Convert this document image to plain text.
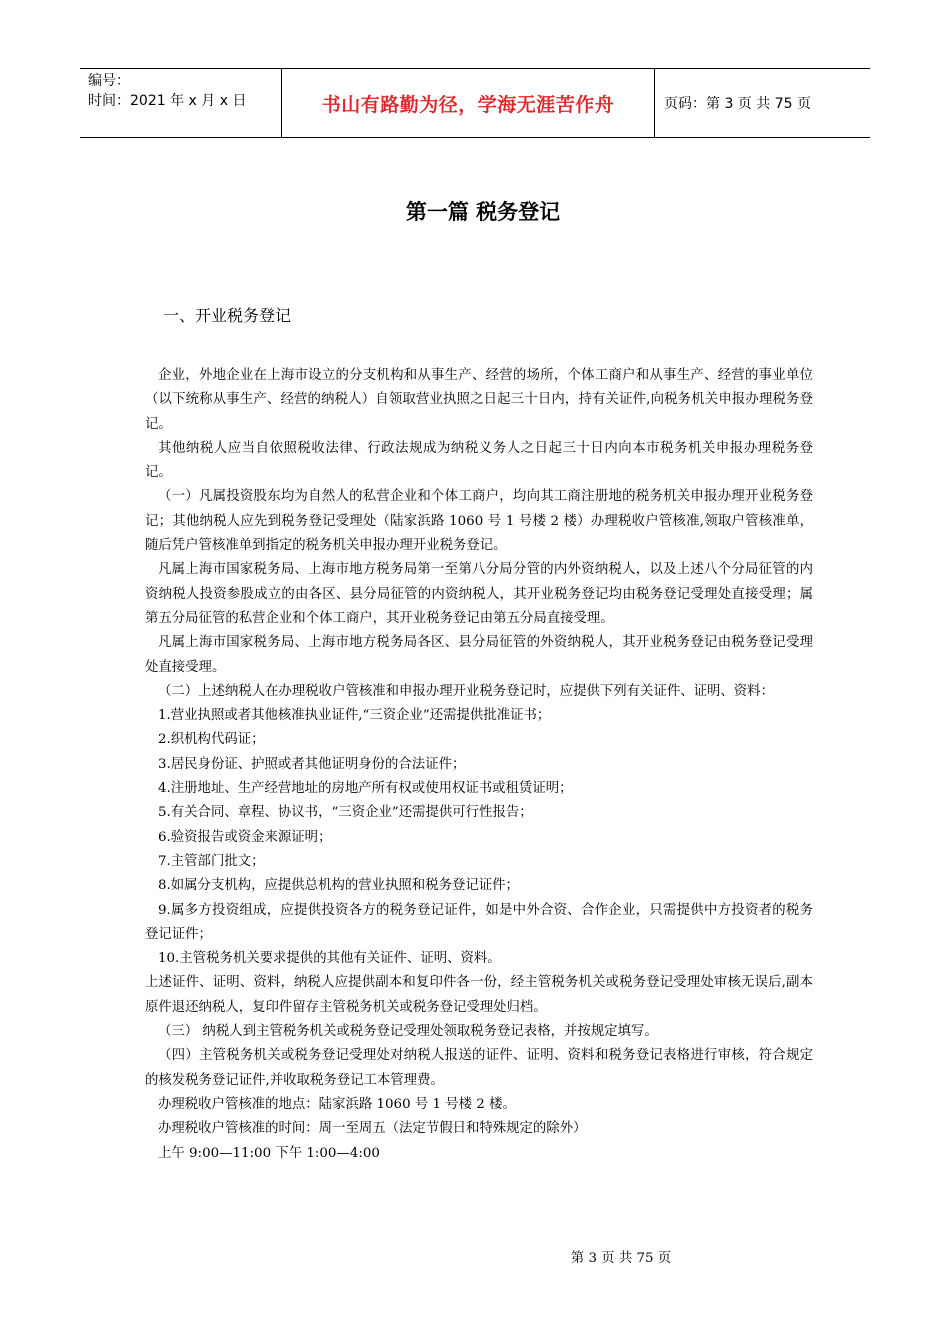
编号：
时间：2021 年 x 月 x 日	书山有路勤为径，学海无涯苦作舟	页码：第 3 页 共 75 页
第一篇 税务登记
一、开业税务登记

企业，外地企业在上海市设立的分支机构和从事生产、经营的场所，个体工商户和从事生产、经营的事业单位（以下统称从事生产、经营的纳税人）自领取营业执照之日起三十日内，持有关证件,向税务机关申报办理税务登记。

其他纳税人应当自依照税收法律、行政法规成为纳税义务人之日起三十日内向本市税务机关申报办理税务登记。

（一）凡属投资股东均为自然人的私营企业和个体工商户，均向其工商注册地的税务机关申报办理开业税务登记；其他纳税人应先到税务登记受理处（陆家浜路 1060 号 1 号楼 2 楼）办理税收户管核准,领取户管核准单，随后凭户管核准单到指定的税务机关申报办理开业税务登记。

凡属上海市国家税务局、上海市地方税务局第一至第八分局分管的内外资纳税人，以及上述八个分局征管的内资纳税人投资参股成立的由各区、县分局征管的内资纳税人，其开业税务登记均由税务登记受理处直接受理；属第五分局征管的私营企业和个体工商户，其开业税务登记由第五分局直接受理。

凡属上海市国家税务局、上海市地方税务局各区、县分局征管的外资纳税人，其开业税务登记由税务登记受理处直接受理。

（二）上述纳税人在办理税收户管核准和申报办理开业税务登记时，应提供下列有关证件、证明、资料：

1.营业执照或者其他核准执业证件,“三资企业”还需提供批准证书；

2.织机构代码证；

3.居民身份证、护照或者其他证明身份的合法证件；

4.注册地址、生产经营地址的房地产所有权或使用权证书或租赁证明；

5.有关合同、章程、协议书，“三资企业”还需提供可行性报告；

6.验资报告或资金来源证明；

7.主管部门批文；

8.如属分支机构，应提供总机构的营业执照和税务登记证件；

9.属多方投资组成，应提供投资各方的税务登记证件，如是中外合资、合作企业，只需提供中方投资者的税务登记证件；

10.主管税务机关要求提供的其他有关证件、证明、资料。

上述证件、证明、资料，纳税人应提供副本和复印件各一份，经主管税务机关或税务登记受理处审核无误后,副本原件退还纳税人，复印件留存主管税务机关或税务登记受理处归档。

（三） 纳税人到主管税务机关或税务登记受理处领取税务登记表格，并按规定填写。

（四）主管税务机关或税务登记受理处对纳税人报送的证件、证明、资料和税务登记表格进行审核，符合规定的核发税务登记证件,并收取税务登记工本管理费。

办理税收户管核准的地点：陆家浜路 1060 号 1 号楼 2 楼。

办理税收户管核准的时间：周一至周五（法定节假日和特殊规定的除外）

上午 9:00—11:00 下午 1:00—4:00

第 3 页 共 75 页
